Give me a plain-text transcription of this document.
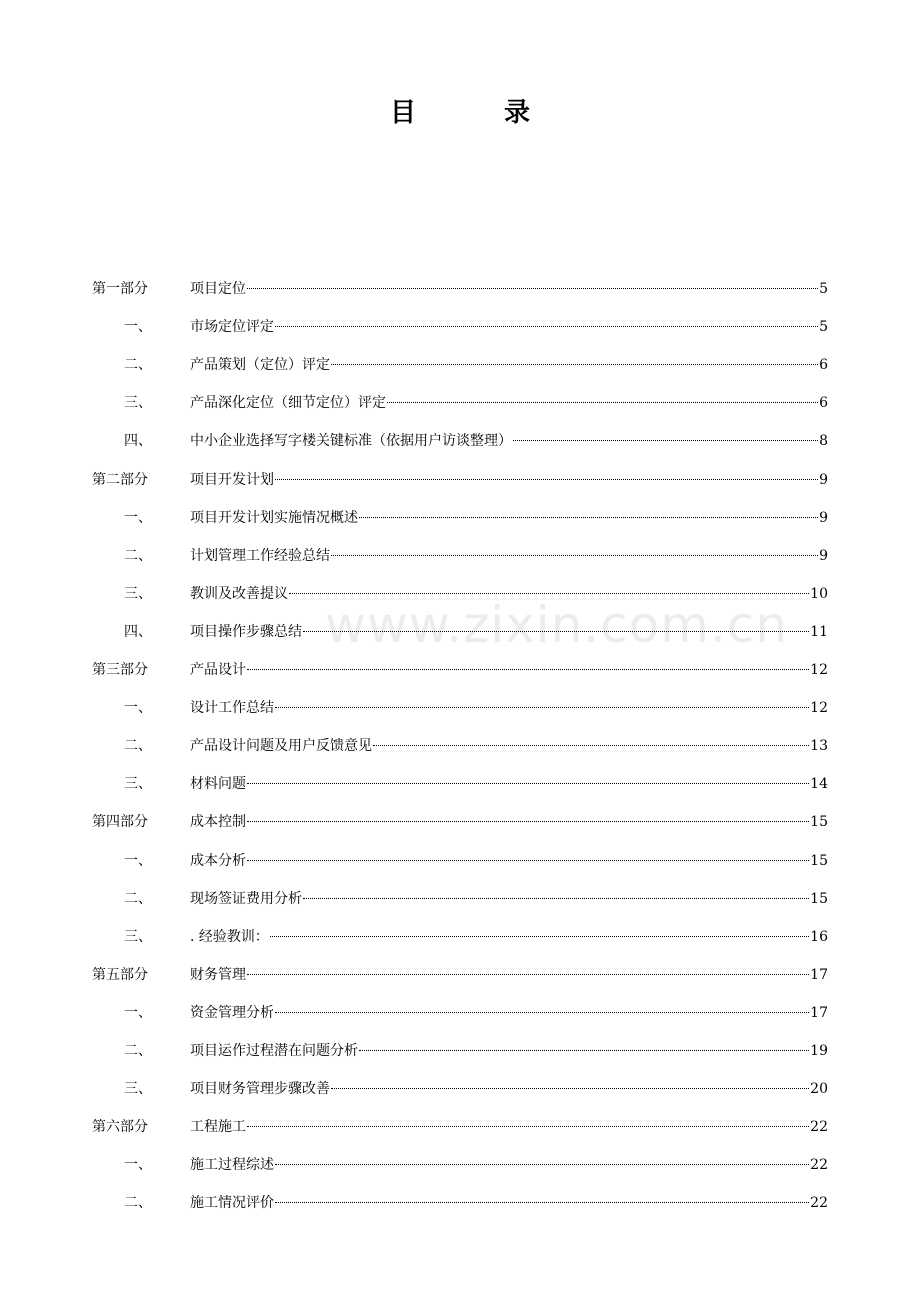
目	录
www.zixin.com.cn
第一部分	项目定位	5
一、	市场定位评定	5
二、	产品策划（定位）评定	6
三、	产品深化定位（细节定位）评定	6
四、	中小企业选择写字楼关键标准（依据用户访谈整理）	8
第二部分	项目开发计划	9
一、	项目开发计划实施情况概述	9
二、	计划管理工作经验总结	9
三、	教训及改善提议	10
四、	项目操作步骤总结	11
第三部分	产品设计	12
一、	设计工作总结	12
二、	产品设计问题及用户反馈意见	13
三、	材料问题	14
第四部分	成本控制	15
一、	成本分析	15
二、	现场签证费用分析	15
三、	. 经验教训：	16
第五部分	财务管理	17
一、	资金管理分析	17
二、	项目运作过程潜在问题分析	19
三、	项目财务管理步骤改善	20
第六部分	工程施工	22
一、	施工过程综述	22
二、	施工情况评价	22
